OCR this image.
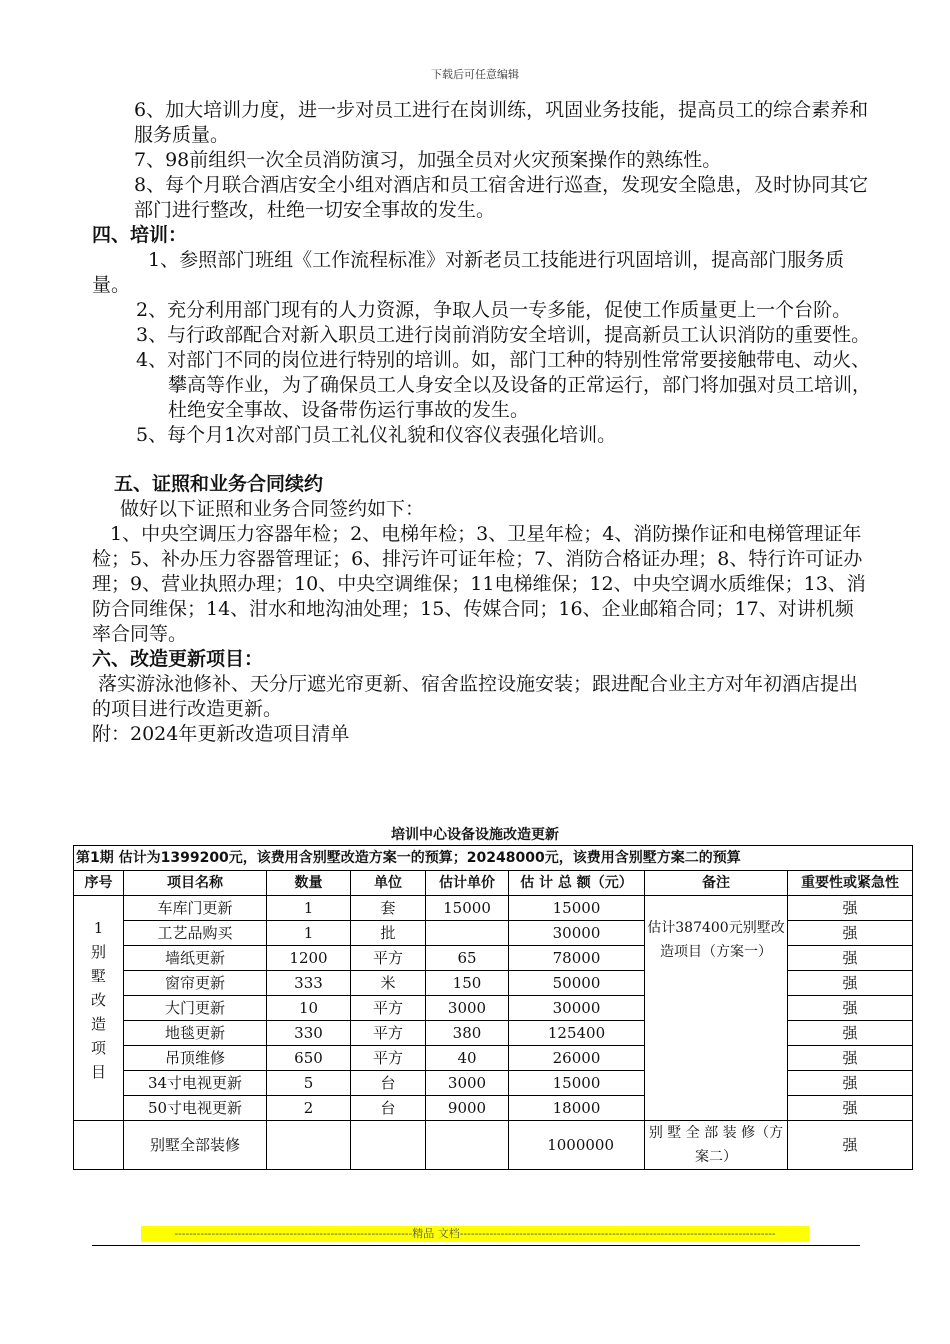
下载后可任意编辑

6、加大培训力度，进一步对员工进行在岗训练，巩固业务技能，提高员工的综合素养和服务质量。

7、98前组织一次全员消防演习，加强全员对火灾预案操作的熟练性。

8、每个月联合酒店安全小组对酒店和员工宿舍进行巡查，发现安全隐患，及时协同其它部门进行整改，杜绝一切安全事故的发生。

四、培训：

1、参照部门班组《工作流程标准》对新老员工技能进行巩固培训，提高部门服务质量。

2、充分利用部门现有的人力资源，争取人员一专多能，促使工作质量更上一个台阶。

3、与行政部配合对新入职员工进行岗前消防安全培训，提高新员工认识消防的重要性。

4、对部门不同的岗位进行特别的培训。如，部门工种的特别性常常要接触带电、动火、攀高等作业，为了确保员工人身安全以及设备的正常运行，部门将加强对员工培训，杜绝安全事故、设备带伤运行事故的发生。

5、每个月1次对部门员工礼仪礼貌和仪容仪表强化培训。

五、证照和业务合同续约

做好以下证照和业务合同签约如下：

1、中央空调压力容器年检；2、电梯年检；3、卫星年检；4、消防操作证和电梯管理证年检；5、补办压力容器管理证；6、排污许可证年检；7、消防合格证办理；8、特行许可证办理；9、营业执照办理；10、中央空调维保；11电梯维保；12、中央空调水质维保；13、消防合同维保；14、泔水和地沟油处理；15、传媒合同；16、企业邮箱合同；17、对讲机频率合同等。

六、改造更新项目：

落实游泳池修补、天分厅遮光帘更新、宿舍监控设施安装；跟进配合业主方对年初酒店提出的项目进行改造更新。

附：2024年更新改造项目清单

培训中心设备设施改造更新
第1期 估计为1399200元，该费用含别墅改造方案一的预算；20248000元，该费用含别墅方案二的预算							
序号	项目名称	数量	单位	估计单价	估 计 总 额（元）	备注	重要性或紧急性
1别墅改造项目	车库门更新	1	套	15000	15000	估计387400元别墅改造项目（方案一）	强
	工艺品购买	1	批		30000		强
	墙纸更新	1200	平方	65	78000		强
	窗帘更新	333	米	150	50000		强
	大门更新	10	平方	3000	30000		强
	地毯更新	330	平方	380	125400		强
	吊顶维修	650	平方	40	26000		强
	34寸电视更新	5	台	3000	15000		强
	50寸电视更新	2	台	9000	18000		强
	别墅全部装修				1000000	别 墅 全 部 装 修（方案二）	强
----------------------------------------------------------------精品 文档-------------------------------------------------------------------------------------
